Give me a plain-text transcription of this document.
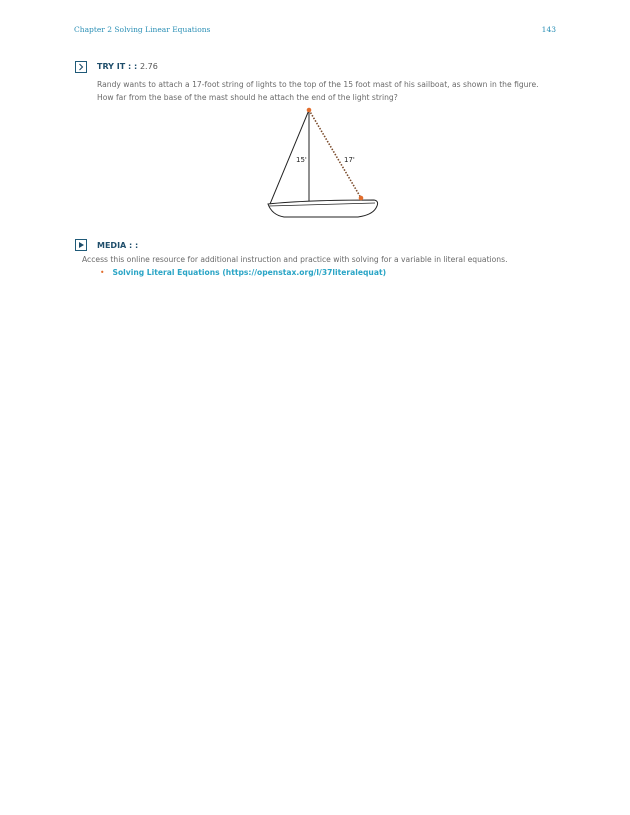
Chapter 2 Solving Linear Equations	143
TRY IT : : 2.76
Randy wants to attach a 17-foot string of lights to the top of the 15 foot mast of his sailboat, as shown in the figure.
How far from the base of the mast should he attach the end of the light string?
15'	17'
MEDIA : :
Access this online resource for additional instruction and practice with solving for a variable in literal equations.
• Solving Literal Equations (https://openstax.org/l/37literalequat)
